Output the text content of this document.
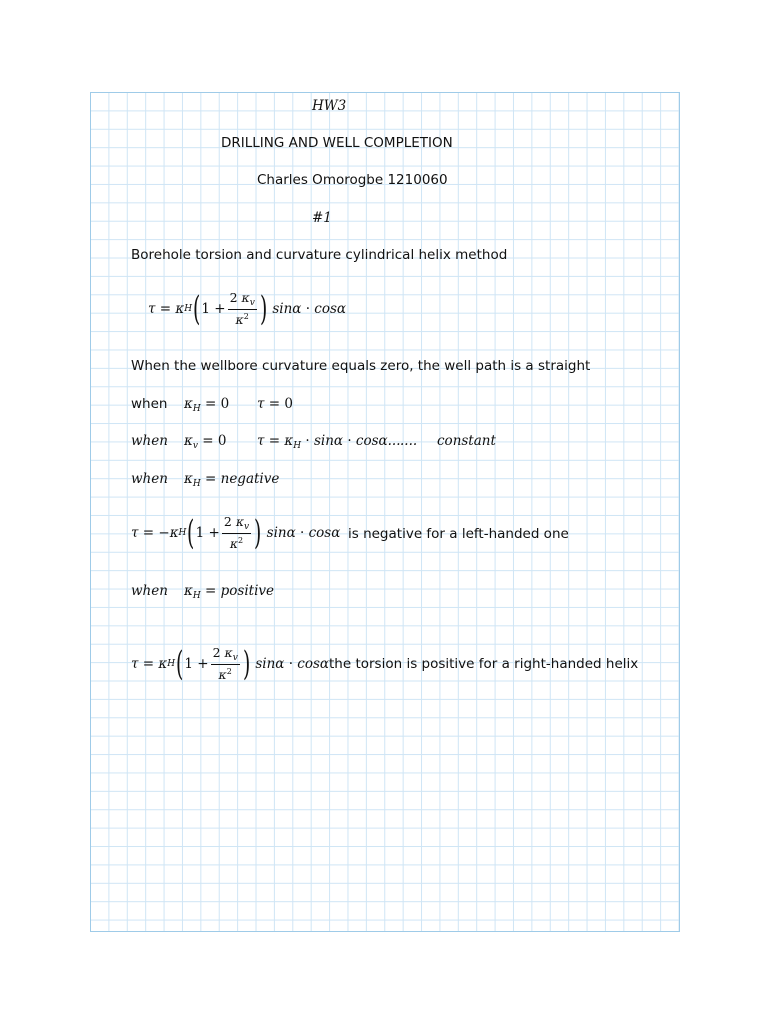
HW3
DRILLING AND WELL COMPLETION
Charles Omorogbe 1210060
#1
Borehole torsion and curvature cylindrical helix method
τ = κ H ( $1 + \frac{2 \kappa_v}{\kappa^2}$ )
sinα · cosα
When the wellbore curvature equals zero, the well path is a straight
when $\kappa_H = 0$ τ = 0
when $\kappa_v = 0$ $\tau = \kappa_H \cdot \sin\alpha \cdot \cos\alpha$... .... constant
when $\kappa_H$ = negative
τ = − κ H ( $1 + \frac{2 \kappa_v}{\kappa^2}$ )
sinα · cosα is negative for a left-handed one
when $\kappa_H$ = positive
τ = κ H ( $1 + \frac{2 \kappa_v}{\kappa^2}$ )
sinα · cosα the torsion is positive for a right-handed helix
